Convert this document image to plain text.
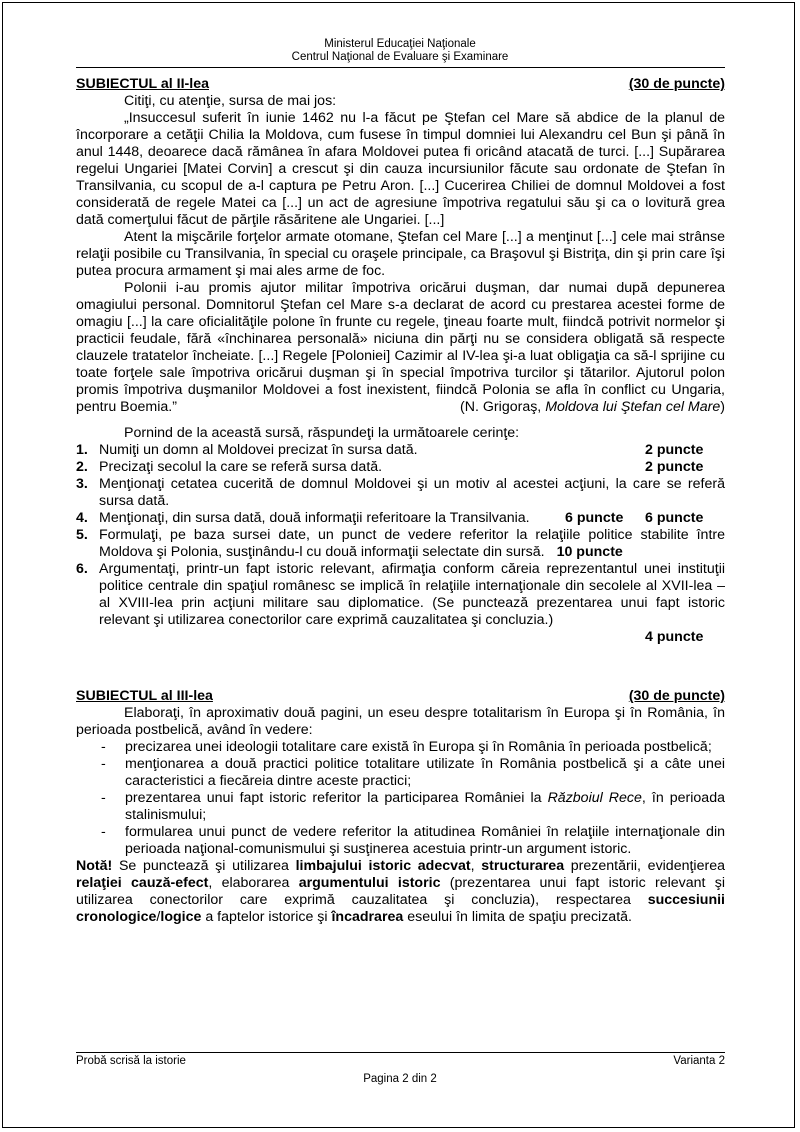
Ministerul Educaţiei Naţionale
Centrul Naţional de Evaluare şi Examinare
SUBIECTUL al II-lea	(30 de puncte)

Citiţi, cu atenţie, sursa de mai jos:

„Insuccesul suferit în iunie 1462 nu l-a făcut pe Ştefan cel Mare să abdice de la planul de încorporare a cetăţii Chilia la Moldova, cum fusese în timpul domniei lui Alexandru cel Bun şi până în anul 1448, deoarece dacă rămânea în afara Moldovei putea fi oricând atacată de turci. [...] Supărarea regelui Ungariei [Matei Corvin] a crescut şi din cauza incursiunilor făcute sau ordonate de Ştefan în Transilvania, cu scopul de a-l captura pe Petru Aron. [...] Cucerirea Chiliei de domnul Moldovei a fost considerată de regele Matei ca [...] un act de agresiune împotriva regatului său şi ca o lovitură grea dată comerţului făcut de părţile răsăritene ale Ungariei. [...]

Atent la mişcările forţelor armate otomane, Ştefan cel Mare [...] a menţinut [...] cele mai strânse relaţii posibile cu Transilvania, în special cu oraşele principale, ca Braşovul şi Bistriţa, din şi prin care îşi putea procura armament şi mai ales arme de foc.

Polonii i-au promis ajutor militar împotriva oricărui duşman, dar numai după depunerea omagiului personal. Domnitorul Ştefan cel Mare s-a declarat de acord cu prestarea acestei forme de omagiu [...] la care oficialităţile polone în frunte cu regele, ţineau foarte mult, fiindcă potrivit normelor şi practicii feudale, fără «închinarea personală» niciuna din părţi nu se considera obligată să respecte clauzele tratatelor încheiate. [...] Regele [Poloniei] Cazimir al IV-lea şi-a luat obligaţia ca să-l sprijine cu toate forţele sale împotriva oricărui duşman şi în special împotriva turcilor şi tătarilor. Ajutorul polon promis împotriva duşmanilor Moldovei a fost inexistent, fiindcă Polonia se afla în conflict cu Ungaria, pentru Boemia.”	(N. Grigoraş, Moldova lui Ştefan cel Mare)

Pornind de la această sursă, răspundeţi la următoarele cerinţe:

1.	2 puncte
Numiţi un domn al Moldovei precizat în sursa dată.
2.	2 puncte
Precizaţi secolul la care se referă sursa dată.
3. Menţionaţi cetatea cucerită de domnul Moldovei şi un motiv al acestei acţiuni, la care se referă sursa dată.

6 puncte
4.	6 puncte
Menţionaţi, din sursa dată, două informaţii referitoare la Transilvania.
5. Formulaţi, pe baza sursei date, un punct de vedere referitor la relaţiile politice stabilite între Moldova şi Polonia, susţinându-l cu două informaţii selectate din sursă. 10 puncte
6. Argumentaţi, printr-un fapt istoric relevant, afirmaţia conform căreia reprezentantul unei instituţii politice centrale din spaţiul românesc se implică în relaţiile internaţionale din secolele al XVII-lea – al XVIII-lea prin acţiuni militare sau diplomatice. (Se punctează prezentarea unui fapt istoric relevant şi utilizarea conectorilor care exprimă cauzalitatea şi concluzia.)

4 puncte
SUBIECTUL al III-lea	(30 de puncte)

Elaboraţi, în aproximativ două pagini, un eseu despre totalitarism în Europa şi în România, în perioada postbelică, având în vedere:

- precizarea unei ideologii totalitare care există în Europa şi în România în perioada postbelică;
- menţionarea a două practici politice totalitare utilizate în România postbelică şi a câte unei caracteristici a fiecăreia dintre aceste practici;
- prezentarea unui fapt istoric referitor la participarea României la Războiul Rece, în perioada stalinismului;
- formularea unui punct de vedere referitor la atitudinea României în relaţiile internaţionale din perioada naţional-comunismului şi susţinerea acestuia printr-un argument istoric.

Notă! Se punctează şi utilizarea limbajului istoric adecvat, structurarea prezentării, evidenţierea relaţiei cauză-efect, elaborarea argumentului istoric (prezentarea unui fapt istoric relevant şi utilizarea conectorilor care exprimă cauzalitatea şi concluzia), respectarea succesiunii cronologice/logice a faptelor istorice şi încadrarea eseului în limita de spaţiu precizată.

Probă scrisă la istorie	Varianta 2
Pagina 2 din 2
